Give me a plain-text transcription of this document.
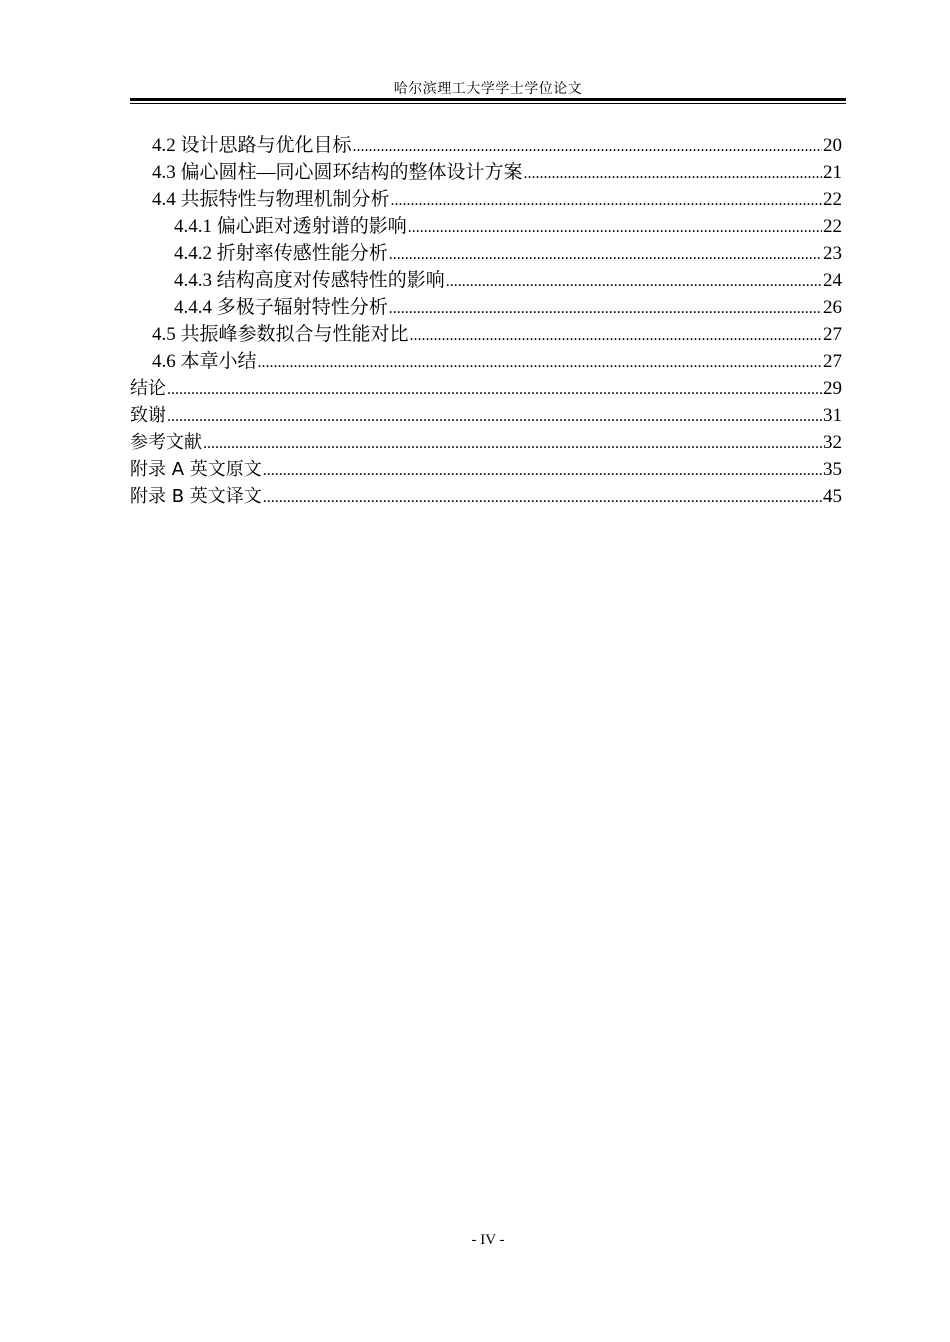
哈尔滨理工大学学士学位论文
4.2 设计思路与优化目标 .....	20
4.3 偏心圆柱—同心圆环结构的整体设计方案 .....	21
4.4 共振特性与物理机制分析 .....	22
4.4.1 偏心距对透射谱的影响 .....	22
4.4.2 折射率传感性能分析 .....	23
4.4.3 结构高度对传感特性的影响 .....	24
4.4.4 多极子辐射特性分析 .....	26
4.5 共振峰参数拟合与性能对比 .....	27
4.6 本章小结 .....	27
结论 .....	29
致谢 .....	31
参考文献 .....	32
附录 A 英文原文 .....	35
附录 B 英文译文 .....	45
- IV -
